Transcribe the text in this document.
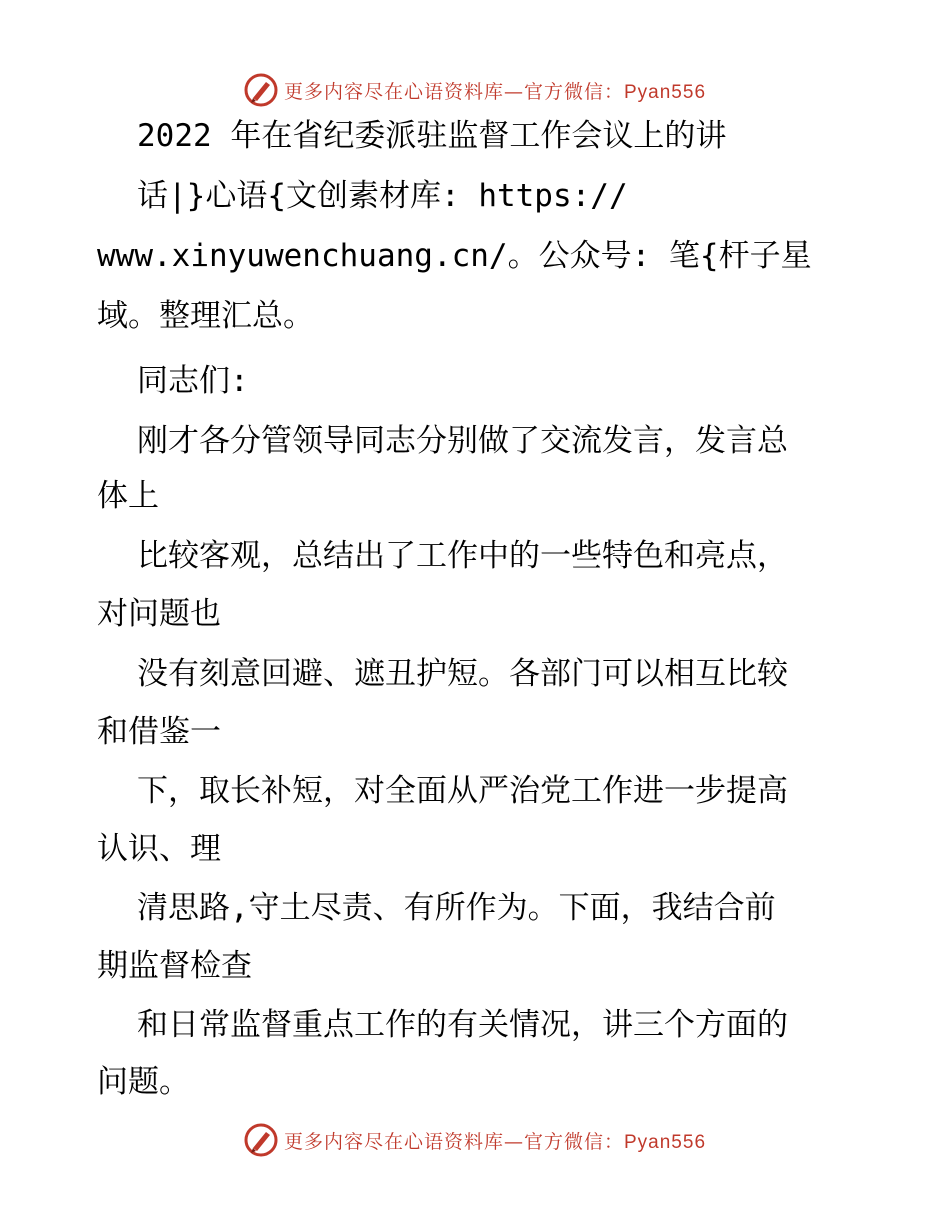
更多内容尽在心语资料库—官方微信：Pyan556
2022 年在省纪委派驻监督工作会议上的讲
话|}心语{文创素材库: https://
www.xinyuwenchuang.cn/。公众号: 笔{杆子星
域。整理汇总。
同志们:
刚才各分管领导同志分别做了交流发言，发言总
体上
比较客观，总结出了工作中的一些特色和亮点，
对问题也
没有刻意回避、遮丑护短。各部门可以相互比较
和借鉴一
下，取长补短，对全面从严治党工作进一步提高
认识、理
清思路,守土尽责、有所作为。下面，我结合前
期监督检查
和日常监督重点工作的有关情况，讲三个方面的
问题。
更多内容尽在心语资料库—官方微信：Pyan556
